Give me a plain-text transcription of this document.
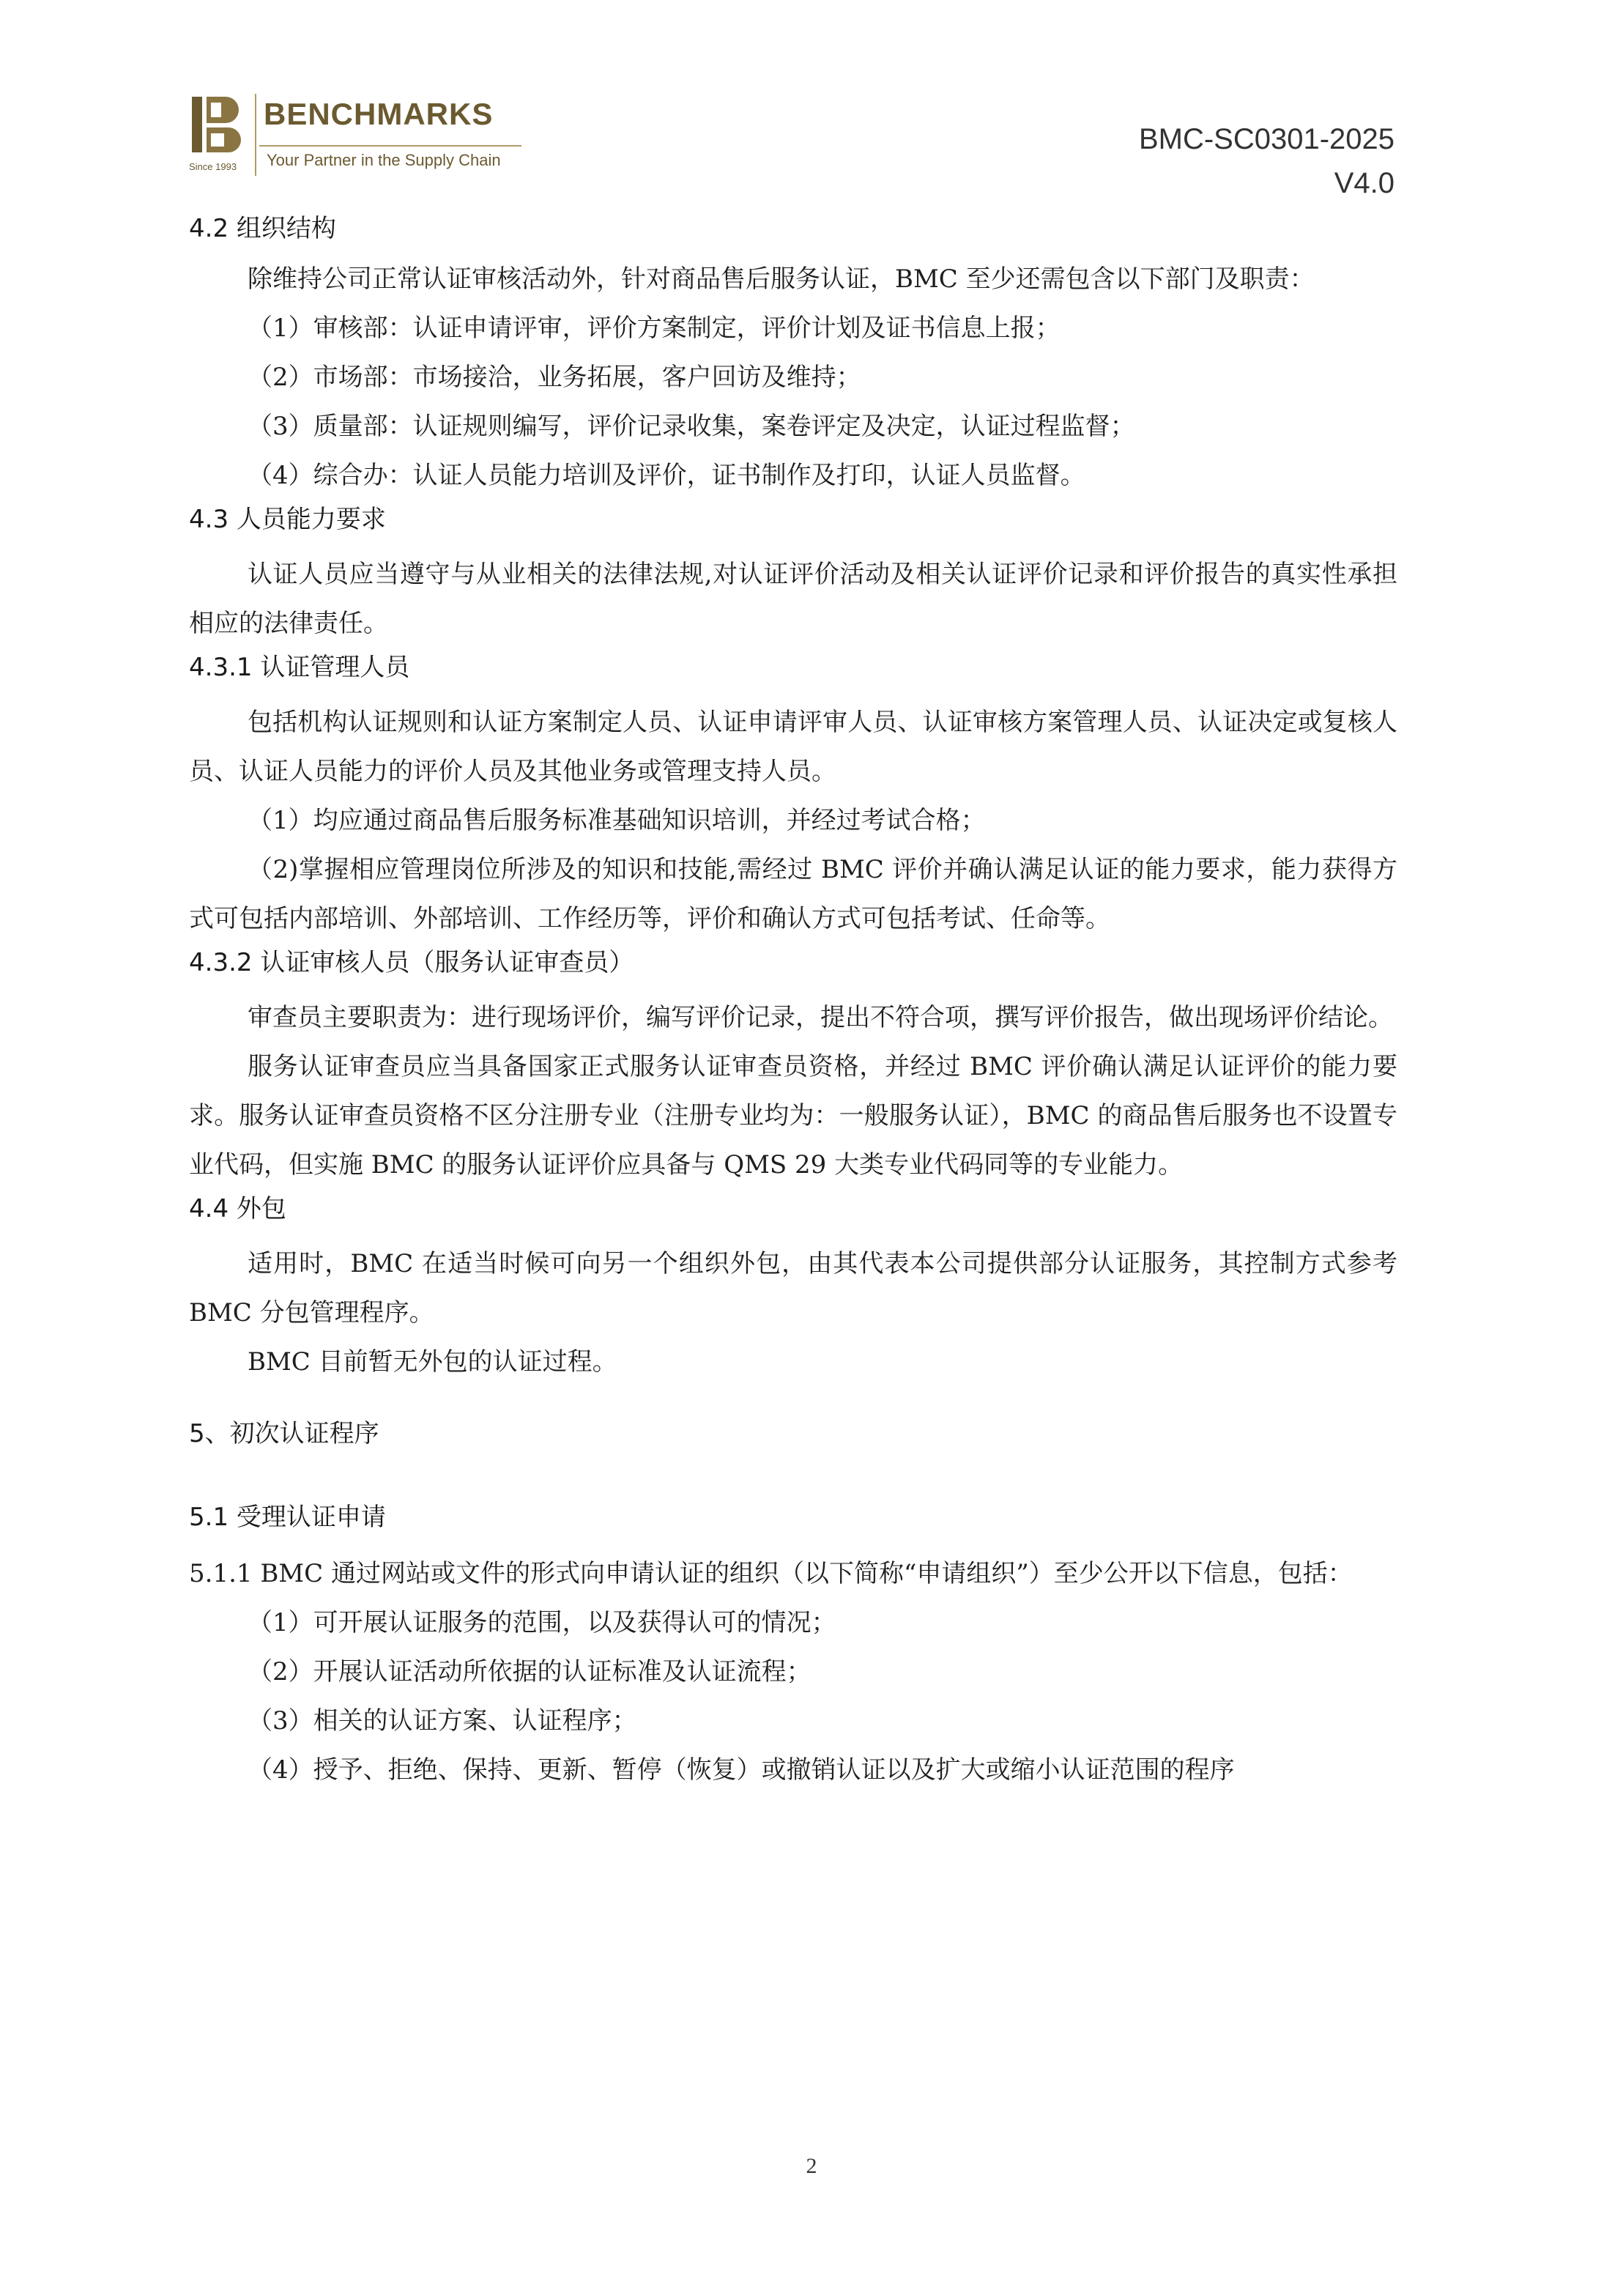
Since 1993
BENCHMARKS
Your Partner in the Supply Chain
BMC-SC0301-2025
V4.0

4.2 组织结构

除维持公司正常认证审核活动外，针对商品售后服务认证，BMC 至少还需包含以下部门及职责：

（1）审核部：认证申请评审，评价方案制定，评价计划及证书信息上报；

（2）市场部：市场接洽，业务拓展，客户回访及维持；

（3）质量部：认证规则编写，评价记录收集，案卷评定及决定，认证过程监督；

（4）综合办：认证人员能力培训及评价，证书制作及打印，认证人员监督。

4.3 人员能力要求

认证人员应当遵守与从业相关的法律法规,对认证评价活动及相关认证评价记录和评价报告的真实性承担相应的法律责任。

4.3.1 认证管理人员

包括机构认证规则和认证方案制定人员、认证申请评审人员、认证审核方案管理人员、认证决定或复核人员、认证人员能力的评价人员及其他业务或管理支持人员。

（1）均应通过商品售后服务标准基础知识培训，并经过考试合格；

（2)掌握相应管理岗位所涉及的知识和技能,需经过 BMC 评价并确认满足认证的能力要求，能力获得方式可包括内部培训、外部培训、工作经历等，评价和确认方式可包括考试、任命等。

4.3.2 认证审核人员（服务认证审查员）

审查员主要职责为：进行现场评价，编写评价记录，提出不符合项，撰写评价报告，做出现场评价结论。

服务认证审查员应当具备国家正式服务认证审查员资格，并经过 BMC 评价确认满足认证评价的能力要求。服务认证审查员资格不区分注册专业（注册专业均为：一般服务认证），BMC 的商品售后服务也不设置专业代码，但实施 BMC 的服务认证评价应具备与 QMS 29 大类专业代码同等的专业能力。

4.4 外包

适用时，BMC 在适当时候可向另一个组织外包，由其代表本公司提供部分认证服务，其控制方式参考 BMC 分包管理程序。

BMC 目前暂无外包的认证过程。

5、初次认证程序

5.1 受理认证申请

5.1.1 BMC 通过网站或文件的形式向申请认证的组织（以下简称“申请组织”）至少公开以下信息，包括：

（1）可开展认证服务的范围，以及获得认可的情况；

（2）开展认证活动所依据的认证标准及认证流程；

（3）相关的认证方案、认证程序；

（4）授予、拒绝、保持、更新、暂停（恢复）或撤销认证以及扩大或缩小认证范围的程序

2
